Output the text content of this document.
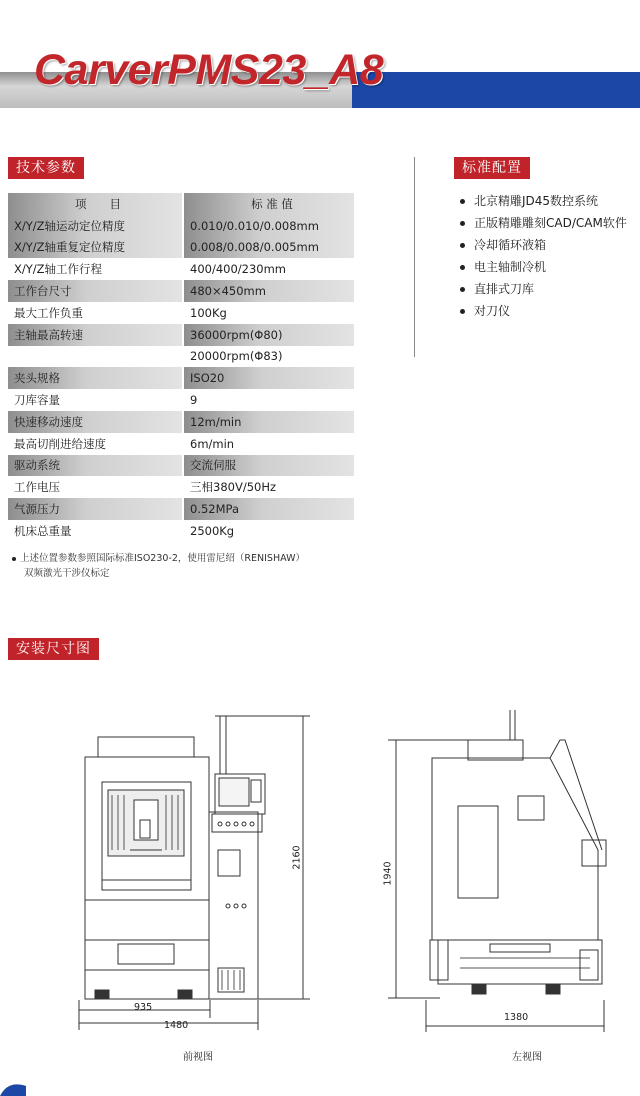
CarverPMS23_A8
技术参数	标准配置
项　　目	标 准 值
X/Y/Z轴运动定位精度	0.010/0.010/0.008mm
X/Y/Z轴重复定位精度	0.008/0.008/0.005mm
X/Y/Z轴工作行程	400/400/230mm
工作台尺寸	480×450mm
最大工作负重	100Kg
主轴最高转速	36000rpm(Φ80)
	20000rpm(Φ83)
夹头规格	ISO20
刀库容量	9
快速移动速度	12m/min
最高切削进给速度	6m/min
驱动系统	交流伺服
工作电压	三相380V/50Hz
气源压力	0.52MPa
机床总重量	2500Kg
上述位置参数参照国际标准ISO230-2，使用雷尼绍（RENISHAW）
双频激光干涉仪标定
北京精雕JD45数控系统
正版精雕雕刻CAD/CAM软件
冷却循环液箱
电主轴制冷机
直排式刀库
对刀仪
安装尺寸图
935
1480
2160
前视图
1940
1380
左视图
